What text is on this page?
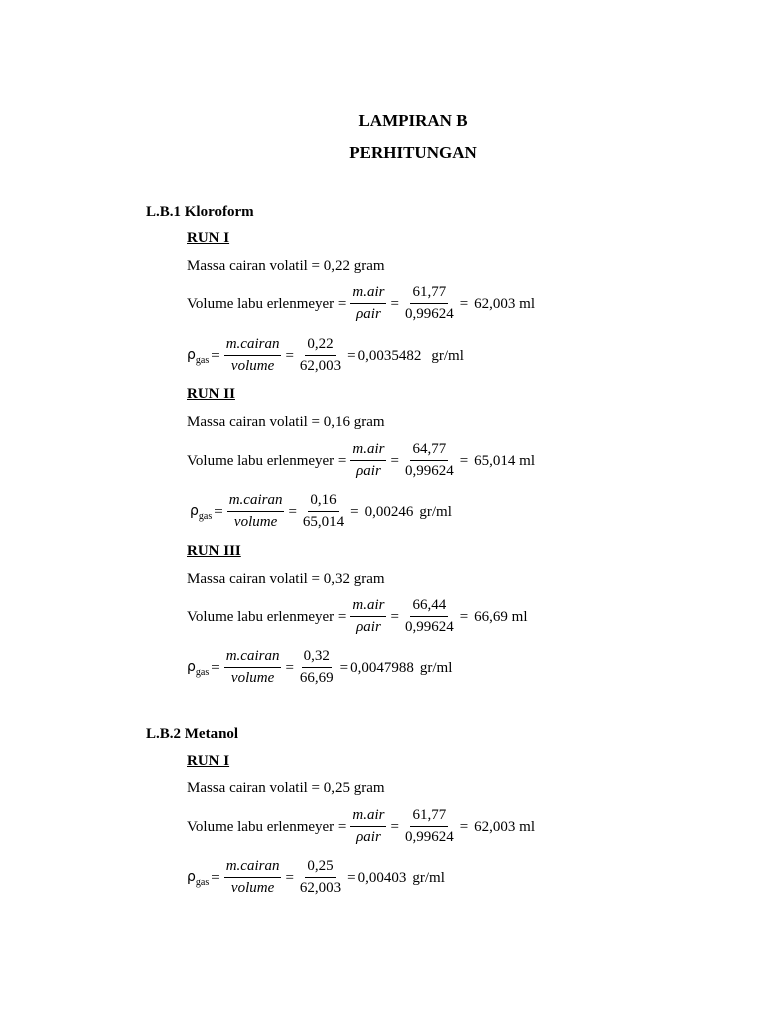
LAMPIRAN B
PERHITUNGAN
L.B.1 Kloroform
RUN I
Massa cairan volatil = 0,22 gram
Volume labu erlenmeyer = $\frac{\text{m.air}}{\text{ρair}} = \frac{61,77}{0,99624} = 62,003$ ml
$\rho_{gas} = \frac{\text{m.cairan}}{\text{volume}} = \frac{0,22}{62,003} = 0,0035482$ gr/ml
RUN II
Massa cairan volatil = 0,16 gram
Volume labu erlenmeyer = $\frac{\text{m.air}}{\text{ρair}} = \frac{64,77}{0,99624} = 65,014$ ml
$\rho_{gas} = \frac{\text{m.cairan}}{\text{volume}} = \frac{0,16}{65,014} = 0,00246$ gr/ml
RUN III
Massa cairan volatil = 0,32 gram
Volume labu erlenmeyer = $\frac{\text{m.air}}{\text{ρair}} = \frac{66,44}{0,99624} = 66,69$ ml
$\rho_{gas} = \frac{\text{m.cairan}}{\text{volume}} = \frac{0,32}{66,69} = 0,0047988$ gr/ml
L.B.2 Metanol
RUN I
Massa cairan volatil = 0,25 gram
Volume labu erlenmeyer = $\frac{\text{m.air}}{\text{ρair}} = \frac{61,77}{0,99624} = 62,003$ ml
$\rho_{gas} = \frac{\text{m.cairan}}{\text{volume}} = \frac{0,25}{62,003} = 0,00403$ gr/ml
